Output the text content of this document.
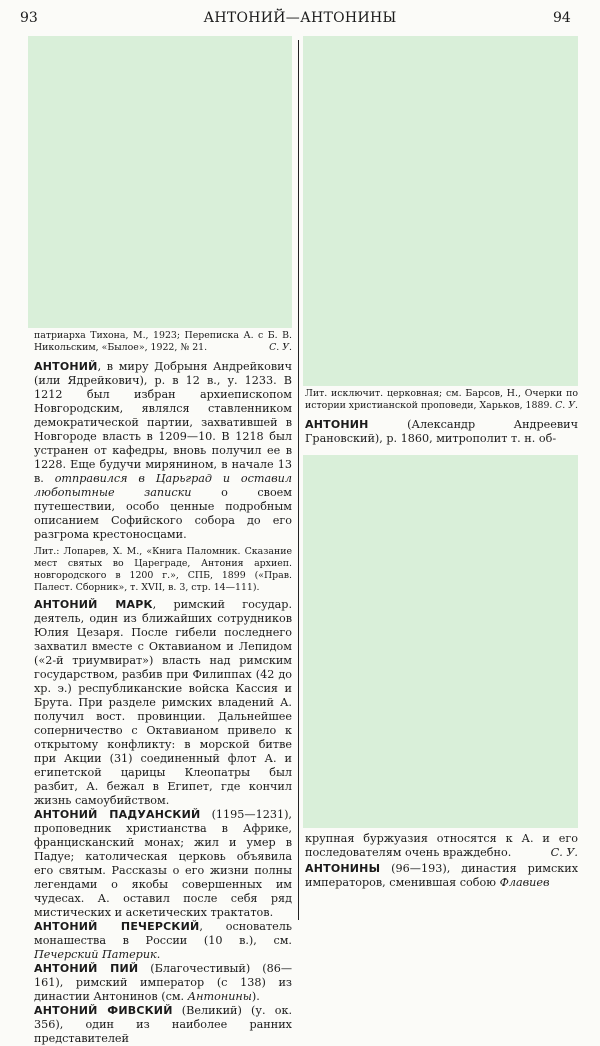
93	АНТОНИЙ—АНТОНИНЫ	94

патриарха Тихона, М., 1923; Переписка А. с Б. В. Никольским, «Былое», 1922, № 21.	С. У.

АНТОНИЙ, в миру Добрыня Андрейкович (или Ядрейкович), р. в 12 в., у. 1233. В 1212 был избран архиепископом Новгородским, являлся ставленником демократической партии, захватившей в Новгороде власть в 1209—10. В 1218 был устранен от кафедры, вновь получил ее в 1228. Еще будучи мирянином, в начале 13 в. отправился в Царьград и оставил любопытные записки	о своем путешествии, особо ценные подробным описанием Софийского собора до его разгрома крестоносцами.

Лит.: Лопарев, Х. М., «Книга Паломник. Сказание мест святых во Цареграде, Антония архиеп. новгородского в 1200 г.», СПБ, 1899 («Прав. Палест. Сборник», т. XVII, в. 3, стр. 14—111).

АНТОНИЙ МАРК, римский государ. деятель, один из ближайших сотрудников Юлия Цезаря. После гибели последнего захватил вместе с Октавианом и Лепидом («2-й триумвират») власть над римским государством, разбив при Филиппах (42 до хр. э.) республиканские войска Кассия и Брута. При разделе римских владений А. получил вост. провинции. Дальнейшее соперничество с Октавианом привело к открытому конфликту: в морской битве при Акции (31) соединенный флот А. и египетской царицы Клеопатры был разбит, А. бежал в Египет, где кончил жизнь самоубийством.

АНТОНИЙ ПАДУАНСКИЙ (1195—1231), проповедник христианства в Африке, францисканский монах; жил и умер в Падуе; католическая церковь объявила его святым. Рассказы о его жизни полны легендами о якобы совершенных им чудесах. А. оставил после себя ряд мистических и аскетических трактатов.

АНТОНИЙ ПЕЧЕРСКИЙ, основатель монашества в России (10 в.), см. Печерский Патерик.

АНТОНИЙ ПИЙ (Благочестивый) (86—161), римский император (с 138) из династии Антонинов (см. Антонины).

АНТОНИЙ ФИВСКИЙ (Великий) (у. ок. 356), один из наиболее ранних представителей

Лит. исключит. церковная; см. Барсов, Н., Очерки по истории христианской проповеди, Харьков, 1889. С. У.

АНТОНИН (Александр Андреевич Грановский), р. 1860, митрополит т. н. об-

крупная буржуазия относятся к А. и его последователям очень враждебно.	С. У.

АНТОНИНЫ (96—193), династия римских императоров, сменившая собою Флавиев
